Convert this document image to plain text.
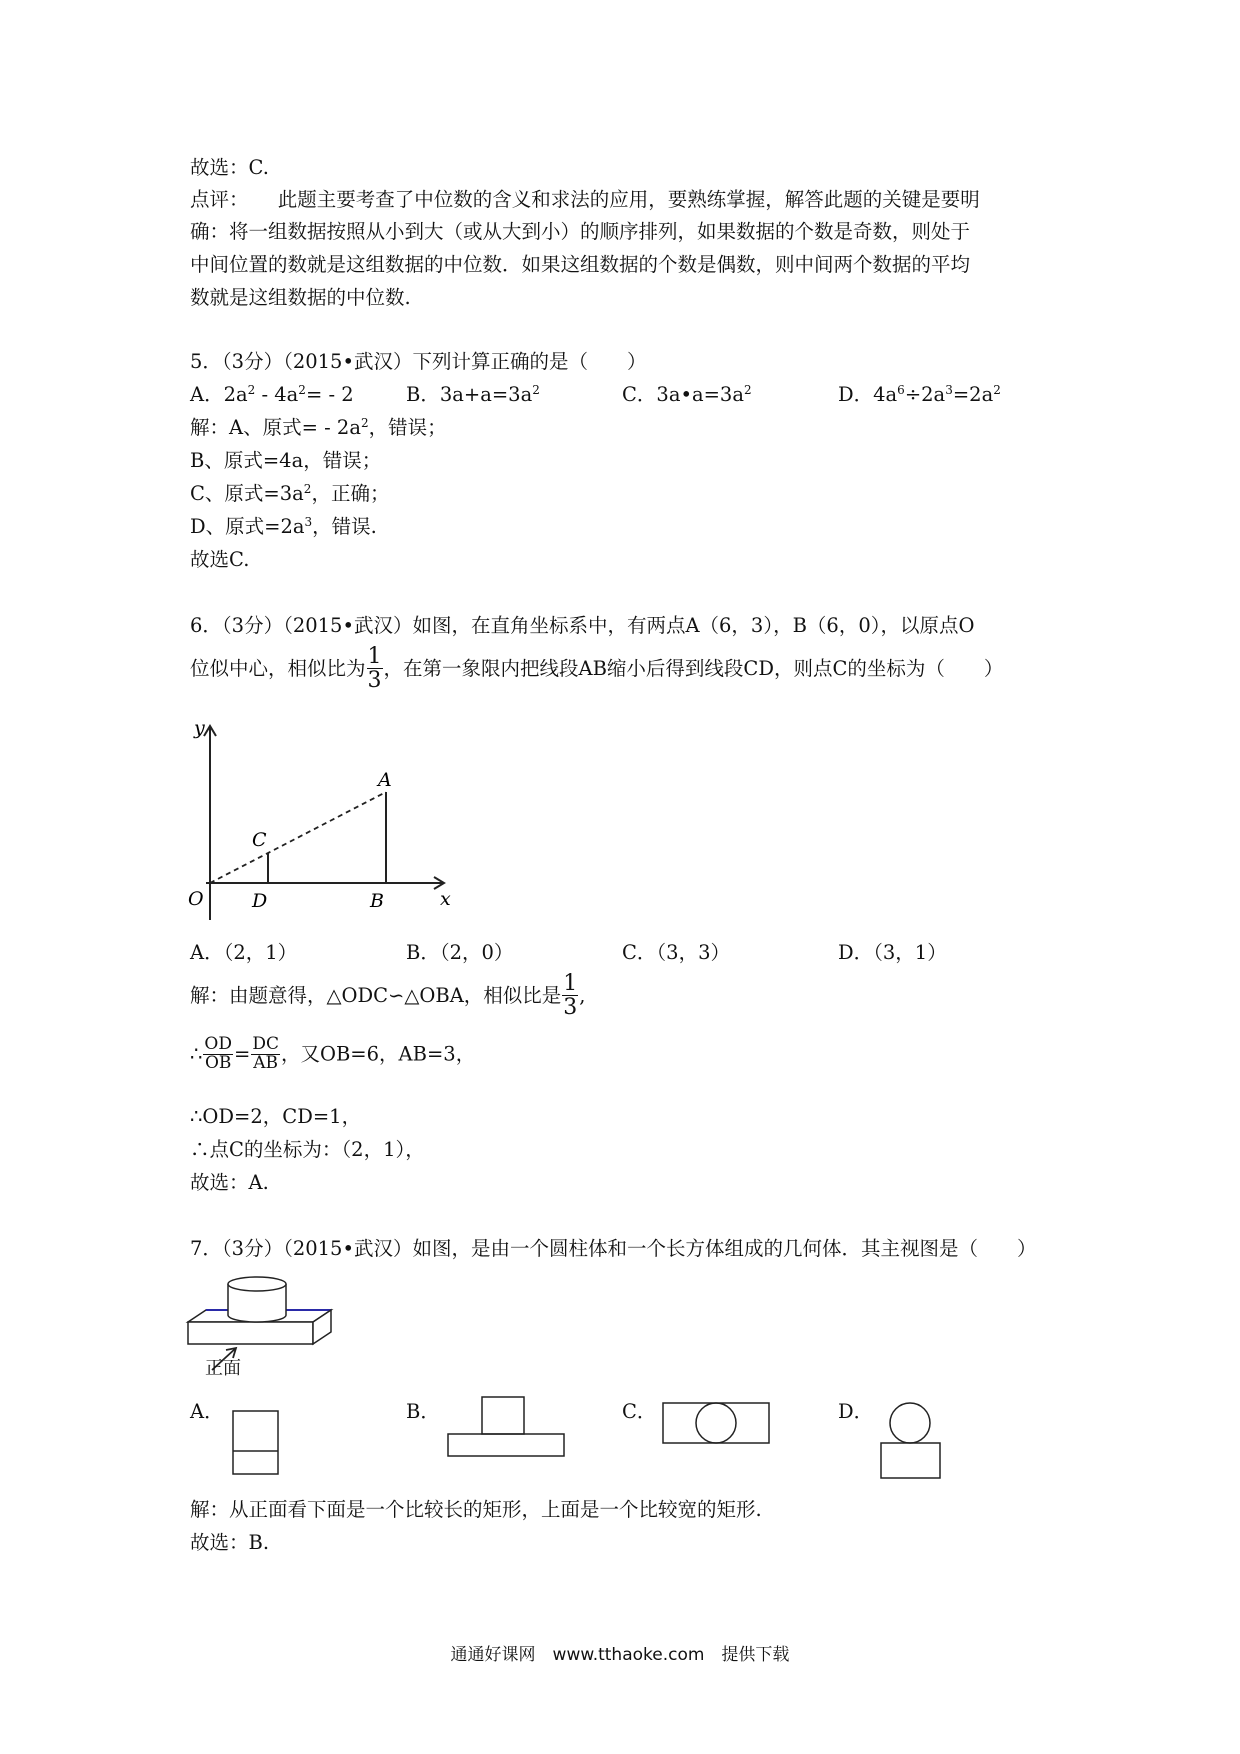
故选：C.
点评：　　此题主要考查了中位数的含义和求法的应用，要熟练掌握，解答此题的关键是要明
确：将一组数据按照从小到大（或从大到小）的顺序排列，如果数据的个数是奇数，则处于
中间位置的数就是这组数据的中位数．如果这组数据的个数是偶数，则中间两个数据的平均
数就是这组数据的中位数.
5．（3分）（2015•武汉）下列计算正确的是（　　）
A．$2a^2 - 4a^2= - 2$	B．$3a+a=3a^2$	C．$3a•a=3a^2$	D．$4a^6\div 2a^3=2a^2$
解：A、原式= - $2a^2$，错误；
B、原式=4a，错误；
C、原式$=3a^2$，正确；
D、原式$=2a^3$，错误.
故选C.
6．（3分）（2015•武汉）如图，在直角坐标系中，有两点A（6，3），B（6，0），以原点O
位似中心，相似比为 $\frac{1}{3}$ ，在第一象限内把线段AB缩小后得到线段CD，则点C的坐标为（　　）
y
x
O	D	B
A
C
A．（2，1）	B．（2，0）	C．（3，3）	D．（3，1）
解：由题意得，△ODC∽△OBA，相似比是 $\frac{1}{3}$ ,
∴ $\frac{OD}{OB} = \frac{DC}{AB}$ ，又OB=6，AB=3，
∴OD=2，CD=1，
∴点C的坐标为：（2，1），
故选：A.
7．（3分）（2015•武汉）如图，是由一个圆柱体和一个长方体组成的几何体．其主视图是（　　）
正面
A．	B．	C．	D．
解：从正面看下面是一个比较长的矩形，上面是一个比较宽的矩形.
故选：B.
通通好课网　www.tthaoke.com　提供下载
